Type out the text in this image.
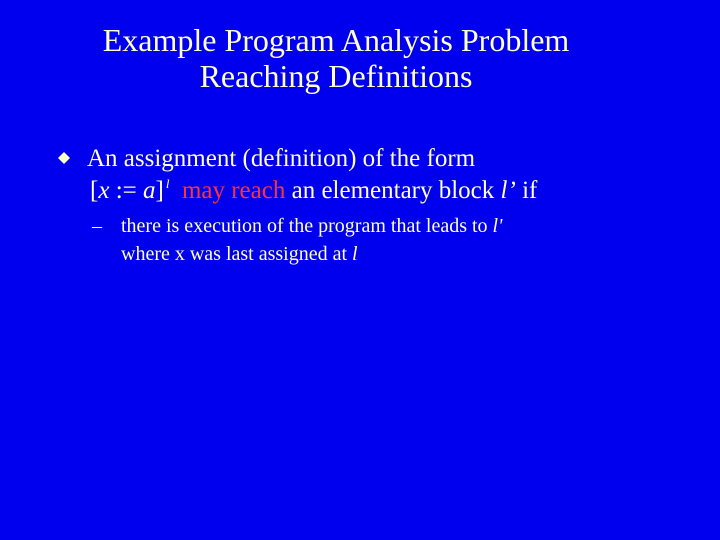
Example Program Analysis Problem
Reaching Definitions
An assignment (definition) of the form
[x := a] $^l$ may reach an elementary block l’ if
– there is execution of the program that leads to l'
where x was last assigned at l
